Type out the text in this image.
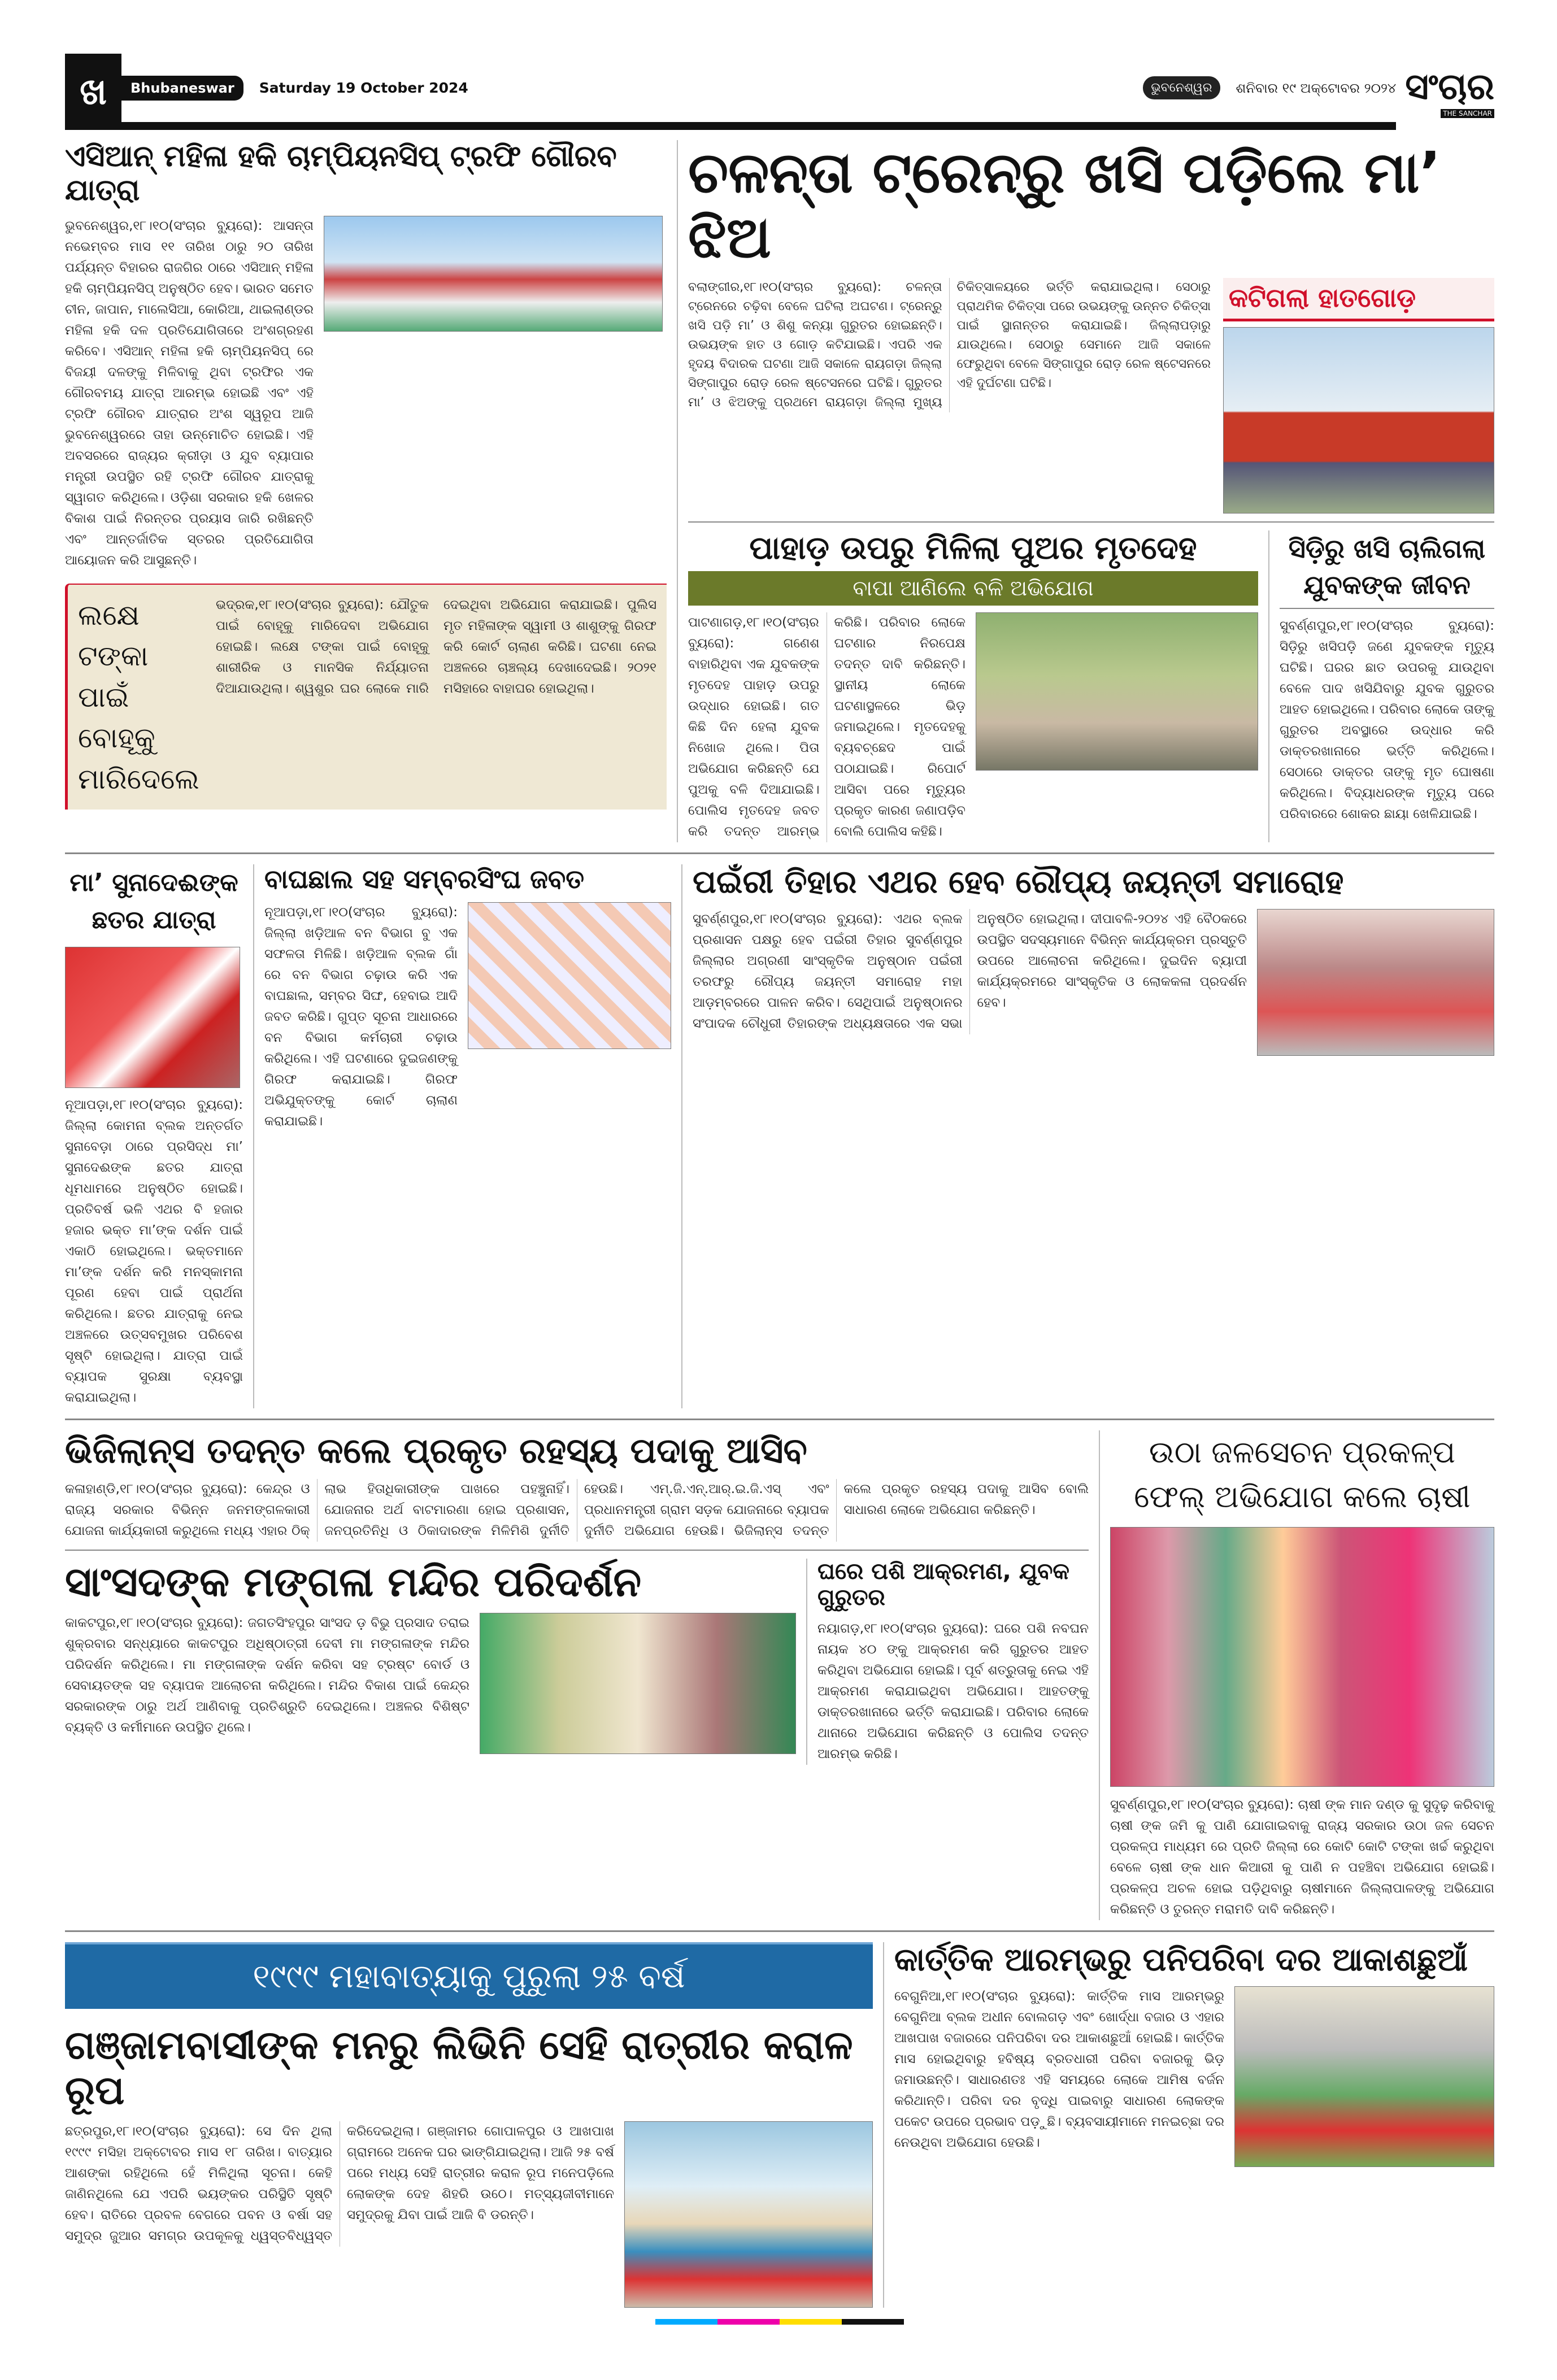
ଖ	Bhubaneswar	Saturday 19 October 2024	ଭୁବନେଶ୍ୱର	ଶନିବାର ୧୯ ଅକ୍ଟୋବର ୨୦୨୪ ସଂଚାର
THE SANCHAR
ଏସିଆନ୍ ମହିଳା ହକି ଚାମ୍ପିୟନସିପ୍ ଟ୍ରଫି ଗୌରବ ଯାତ୍ରା
ଭୁବନେଶ୍ୱର,୧୮।୧୦(ସଂଚାର ବ୍ୟୁରୋ): ଆସନ୍ତା ନଭେମ୍ବର ମାସ ୧୧ ତାରିଖ ଠାରୁ ୨୦ ତାରିଖ ପର୍ଯ୍ୟନ୍ତ ବିହାରର ରାଜଗିର ଠାରେ ଏସିଆନ୍ ମହିଳା ହକି ଚାମ୍ପିୟନସିପ୍ ଅନୁଷ୍ଠିତ ହେବ। ଭାରତ ସମେତ ଚୀନ, ଜାପାନ, ମାଲେସିଆ, କୋରିଆ, ଥାଇଲାଣ୍ଡର ମହିଳା ହକି ଦଳ ପ୍ରତିଯୋଗିତାରେ ଅଂଶଗ୍ରହଣ କରିବେ। ଏସିଆନ୍ ମହିଳା ହକି ଚାମ୍ପିୟନସିପ୍ ରେ ବିଜୟୀ ଦଳଙ୍କୁ ମିଳିବାକୁ ଥିବା ଟ୍ରଫିର ଏକ ଗୌରବମୟ ଯାତ୍ରା ଆରମ୍ଭ ହୋଇଛି ଏବଂ ଏହି ଟ୍ରଫି ଗୌରବ ଯାତ୍ରାର ଅଂଶ ସ୍ୱରୂପ ଆଜି ଭୁବନେଶ୍ୱରରେ ତାହା ଉନ୍ମୋଚିତ ହୋଇଛି। ଏହି ଅବସରରେ ରାଜ୍ୟର କ୍ରୀଡ଼ା ଓ ଯୁବ ବ୍ୟାପାର ମନ୍ତ୍ରୀ ଉପସ୍ଥିତ ରହି ଟ୍ରଫି ଗୌରବ ଯାତ୍ରାକୁ ସ୍ୱାଗତ କରିଥିଲେ। ଓଡ଼ିଶା ସରକାର ହକି ଖେଳର ବିକାଶ ପାଇଁ ନିରନ୍ତର ପ୍ରୟାସ ଜାରି ରଖିଛନ୍ତି ଏବଂ ଆନ୍ତର୍ଜାତିକ ସ୍ତରର ପ୍ରତିଯୋଗିତା ଆୟୋଜନ କରି ଆସୁଛନ୍ତି।
ଲକ୍ଷେ ଟଙ୍କା ପାଇଁ ବୋହୂକୁ ମାରିଦେଲେ
ଭଦ୍ରକ,୧୮।୧୦(ସଂଚାର ବ୍ୟୁରୋ): ଯୌତୁକ ପାଇଁ ବୋହୂକୁ ମାରିଦେବା ଅଭିଯୋଗ ହୋଇଛି। ଲକ୍ଷେ ଟଙ୍କା ପାଇଁ ବୋହୂକୁ ଶାରୀରିକ ଓ ମାନସିକ ନିର୍ଯ୍ୟାତନା ଦିଆଯାଉଥିଲା। ଶ୍ୱଶୁର ଘର ଲୋକେ ମାରି ଦେଇଥିବା ଅଭିଯୋଗ କରାଯାଇଛି। ପୁଲିସ ମୃତ ମହିଳାଙ୍କ ସ୍ୱାମୀ ଓ ଶାଶୁଙ୍କୁ ଗିରଫ କରି କୋର୍ଟ ଚାଲାଣ କରିଛି। ଘଟଣା ନେଇ ଅଞ୍ଚଳରେ ଚାଞ୍ଚଲ୍ୟ ଦେଖାଦେଇଛି। ୨୦୨୧ ମସିହାରେ ବାହାଘର ହୋଇଥିଲା।
ଚଳନ୍ତା ଟ୍ରେନ୍‌ରୁ ଖସି ପଡ଼ିଲେ ମା’ ଝିଅ
ବଲାଙ୍ଗୀର,୧୮।୧୦(ସଂଚାର ବ୍ୟୁରୋ): ଚଳନ୍ତା ଟ୍ରେନରେ ଚଢ଼ିବା ବେଳେ ଘଟିଲା ଅଘଟଣ। ଟ୍ରେନ୍‌ରୁ ଖସି ପଡ଼ି ମା’ ଓ ଶିଶୁ କନ୍ୟା ଗୁରୁତର ହୋଇଛନ୍ତି। ଉଭୟଙ୍କ ହାତ ଓ ଗୋଡ଼ କଟିଯାଇଛି। ଏପରି ଏକ ହୃଦୟ ବିଦାରକ ଘଟଣା ଆଜି ସକାଳେ ରାୟଗଡ଼ା ଜିଲ୍ଲା ସିଙ୍ଗାପୁର ରୋଡ଼ ରେଳ ଷ୍ଟେସନରେ ଘଟିଛି। ଗୁରୁତର ମା’ ଓ ଝିଅଙ୍କୁ ପ୍ରଥମେ ରାୟଗଡ଼ା ଜିଲ୍ଲା ମୁଖ୍ୟ ଚିକିତ୍ସାଳୟରେ ଭର୍ତ୍ତି କରାଯାଇଥିଲା। ସେଠାରୁ ପ୍ରାଥମିକ ଚିକିତ୍ସା ପରେ ଉଭୟଙ୍କୁ ଉନ୍ନତ ଚିକିତ୍ସା ପାଇଁ ସ୍ଥାନାନ୍ତର କରାଯାଇଛି। ଜିଲ୍ଲାପଡ଼ାରୁ ଯାଉଥିଲେ। ସେଠାରୁ ସେମାନେ ଆଜି ସକାଳେ ଫେରୁଥିବା ବେଳେ ସିଙ୍ଗାପୁର ରୋଡ଼ ରେଳ ଷ୍ଟେସନରେ ଏହି ଦୁର୍ଘଟଣା ଘଟିଛି।
କଟିଗଲା ହାତଗୋଡ଼
ପାହାଡ଼ ଉପରୁ ମିଳିଲା ପୁଅର ମୃତଦେହ
ବାପା ଆଣିଲେ ବଳି ଅଭିଯୋଗ
ପାଟଣାଗଡ଼,୧୮।୧୦(ସଂଚାର ବ୍ୟୁରୋ): ଗଣେଶ ବାହାରିଥିବା ଏକ ଯୁବକଙ୍କ ମୃତଦେହ ପାହାଡ଼ ଉପରୁ ଉଦ୍ଧାର ହୋଇଛି। ଗତ କିଛି ଦିନ ହେଲା ଯୁବକ ନିଖୋଜ ଥିଲେ। ପିତା ଅଭିଯୋଗ କରିଛନ୍ତି ଯେ ପୁଅକୁ ବଳି ଦିଆଯାଇଛି। ପୋଲିସ ମୃତଦେହ ଜବତ କରି ତଦନ୍ତ ଆରମ୍ଭ କରିଛି। ପରିବାର ଲୋକେ ଘଟଣାର ନିରପେକ୍ଷ ତଦନ୍ତ ଦାବି କରିଛନ୍ତି। ସ୍ଥାନୀୟ ଲୋକେ ଘଟଣାସ୍ଥଳରେ ଭିଡ଼ ଜମାଇଥିଲେ। ମୃତଦେହକୁ ବ୍ୟବଚ୍ଛେଦ ପାଇଁ ପଠାଯାଇଛି। ରିପୋର୍ଟ ଆସିବା ପରେ ମୃତ୍ୟୁର ପ୍ରକୃତ କାରଣ ଜଣାପଡ଼ିବ ବୋଲି ପୋଲିସ କହିଛି।
ସିଡ଼ିରୁ ଖସି ଚାଲିଗଲା ଯୁବକଙ୍କ ଜୀବନ
ସୁବର୍ଣ୍ଣପୁର,୧୮।୧୦(ସଂଚାର ବ୍ୟୁରୋ): ସିଡ଼ିରୁ ଖସିପଡ଼ି ଜଣେ ଯୁବକଙ୍କ ମୃତ୍ୟୁ ଘଟିଛି। ଘରର ଛାତ ଉପରକୁ ଯାଉଥିବା ବେଳେ ପାଦ ଖସିଯିବାରୁ ଯୁବକ ଗୁରୁତର ଆହତ ହୋଇଥିଲେ। ପରିବାର ଲୋକେ ତାଙ୍କୁ ଗୁରୁତର ଅବସ୍ଥାରେ ଉଦ୍ଧାର କରି ଡାକ୍ତରଖାନାରେ ଭର୍ତ୍ତି କରିଥିଲେ। ସେଠାରେ ଡାକ୍ତର ତାଙ୍କୁ ମୃତ ଘୋଷଣା କରିଥିଲେ। ବିଦ୍ୟାଧରଙ୍କ ମୃତ୍ୟୁ ପରେ ପରିବାରରେ ଶୋକର ଛାୟା ଖେଳିଯାଇଛି।
ମା’ ସୁନାଦେଈଙ୍କ ଛତର ଯାତ୍ରା
ନୂଆପଡ଼ା,୧୮।୧୦(ସଂଚାର ବ୍ୟୁରୋ): ଜିଲ୍ଲା କୋମନା ବ୍ଲକ ଅନ୍ତର୍ଗତ ସୁନାବେଡ଼ା ଠାରେ ପ୍ରସିଦ୍ଧ ମା’ ସୁନାଦେଈଙ୍କ ଛତର ଯାତ୍ରା ଧୂମଧାମରେ ଅନୁଷ୍ଠିତ ହୋଇଛି। ପ୍ରତିବର୍ଷ ଭଳି ଏଥର ବି ହଜାର ହଜାର ଭକ୍ତ ମା’ଙ୍କ ଦର୍ଶନ ପାଇଁ ଏକାଠି ହୋଇଥିଲେ। ଭକ୍ତମାନେ ମା’ଙ୍କ ଦର୍ଶନ କରି ମନସ୍କାମନା ପୂରଣ ହେବା ପାଇଁ ପ୍ରାର୍ଥନା କରିଥିଲେ। ଛତର ଯାତ୍ରାକୁ ନେଇ ଅଞ୍ଚଳରେ ଉତ୍ସବମୁଖର ପରିବେଶ ସୃଷ୍ଟି ହୋଇଥିଲା। ଯାତ୍ରା ପାଇଁ ବ୍ୟାପକ ସୁରକ୍ଷା ବ୍ୟବସ୍ଥା କରାଯାଇଥିଲା।
ବାଘଛାଲ ସହ ସମ୍ବରସିଂଘ ଜବତ
ନୂଆପଡ଼ା,୧୮।୧୦(ସଂଚାର ବ୍ୟୁରୋ): ଜିଲ୍ଲା ଖଡ଼ିଆଳ ବନ ବିଭାଗ ବୁ ଏକ ସଫଳତା ମିଳିଛି। ଖଡ଼ିଆଳ ବ୍ଲକ ଗାଁ ରେ ବନ ବିଭାଗ ଚଢ଼ାଉ କରି ଏକ ବାଘଛାଲ, ସମ୍ବର ସିଙ୍ଘ, ହେବାଇ ଆଦି ଜବତ କରିଛି। ଗୁପ୍ତ ସୂଚନା ଆଧାରରେ ବନ ବିଭାଗ କର୍ମଚାରୀ ଚଢ଼ାଉ କରିଥିଲେ। ଏହି ଘଟଣାରେ ଦୁଇଜଣଙ୍କୁ ଗିରଫ କରାଯାଇଛି। ଗିରଫ ଅଭିଯୁକ୍ତଙ୍କୁ କୋର୍ଟ ଚାଲାଣ କରାଯାଇଛି।
ପଇଁରୀ ତିହାର ଏଥର ହେବ ରୌପ୍ୟ ଜୟନ୍ତୀ ସମାରୋହ
ସୁବର୍ଣ୍ଣପୁର,୧୮।୧୦(ସଂଚାର ବ୍ୟୁରୋ): ଏଥର ବ୍ଲକ ପ୍ରଶାସନ ପକ୍ଷରୁ ହେବ ପଇଁରୀ ତିହାର ସୁବର୍ଣ୍ଣପୁର ଜିଲ୍ଲାର ଅଗ୍ରଣୀ ସାଂସ୍କୃତିକ ଅନୁଷ୍ଠାନ ପଇଁରୀ ତରଫରୁ ରୌପ୍ୟ ଜୟନ୍ତୀ ସମାରୋହ ମହା ଆଡ଼ମ୍ବରରେ ପାଳନ କରିବ। ସେଥିପାଇଁ ଅନୁଷ୍ଠାନର ସଂପାଦକ ଚୌଧୁରୀ ତିହାରଙ୍କ ଅଧ୍ୟକ୍ଷତାରେ ଏକ ସଭା ଅନୁଷ୍ଠିତ ହୋଇଥିଲା। ଦୀପାବଳି-୨୦୨୪ ଏହି ବୈଠକରେ ଉପସ୍ଥିତ ସଦସ୍ୟମାନେ ବିଭିନ୍ନ କାର୍ଯ୍ୟକ୍ରମ ପ୍ରସ୍ତୁତି ଉପରେ ଆଲୋଚନା କରିଥିଲେ। ଦୁଇଦିନ ବ୍ୟାପୀ କାର୍ଯ୍ୟକ୍ରମରେ ସାଂସ୍କୃତିକ ଓ ଲୋକକଳା ପ୍ରଦର୍ଶନ ହେବ।
ଭିଜିଲାନ୍ସ ତଦନ୍ତ କଲେ ପ୍ରକୃତ ରହସ୍ୟ ପଦାକୁ ଆସିବ
କଳାହାଣ୍ଡି,୧୮।୧୦(ସଂଚାର ବ୍ୟୁରୋ): କେନ୍ଦ୍ର ଓ ରାଜ୍ୟ ସରକାର ବିଭିନ୍ନ ଜନମଙ୍ଗଳକାରୀ ଯୋଜନା କାର୍ଯ୍ୟକାରୀ କରୁଥିଲେ ମଧ୍ୟ ଏହାର ଠିକ୍ ଲାଭ ହିତାଧିକାରୀଙ୍କ ପାଖରେ ପହଞ୍ଚୁନାହିଁ। ଯୋଜନାର ଅର୍ଥ ବାଟମାରଣା ହୋଇ ପ୍ରଶାସନ, ଜନପ୍ରତିନିଧି ଓ ଠିକାଦାରଙ୍କ ମିଳିମିଶି ଦୁର୍ନୀତି ହେଉଛି। ଏମ୍.ଜି.ଏନ୍.ଆର୍.ଇ.ଜି.ଏସ୍ ଏବଂ ପ୍ରଧାନମନ୍ତ୍ରୀ ଗ୍ରାମ ସଡ଼କ ଯୋଜନାରେ ବ୍ୟାପକ ଦୁର୍ନୀତି ଅଭିଯୋଗ ହେଉଛି। ଭିଜିଲାନ୍ସ ତଦନ୍ତ କଲେ ପ୍ରକୃତ ରହସ୍ୟ ପଦାକୁ ଆସିବ ବୋଲି ସାଧାରଣ ଲୋକେ ଅଭିଯୋଗ କରିଛନ୍ତି।
ସାଂସଦଙ୍କ ମଙ୍ଗଳା ମନ୍ଦିର ପରିଦର୍ଶନ
କାକଟପୁର,୧୮।୧୦(ସଂଚାର ବ୍ୟୁରୋ): ଜଗତସିଂହପୁର ସାଂସଦ ଡ଼ ବିଭୁ ପ୍ରସାଦ ତରାଇ ଶୁକ୍ରବାର ସନ୍ଧ୍ୟାରେ କାକଟପୁର ଅଧିଷ୍ଠାତ୍ରୀ ଦେବୀ ମା ମଙ୍ଗଳାଙ୍କ ମନ୍ଦିର ପରିଦର୍ଶନ କରିଥିଲେ। ମା ମଙ୍ଗଳାଙ୍କ ଦର୍ଶନ କରିବା ସହ ଟ୍ରଷ୍ଟ ବୋର୍ଡ ଓ ସେବାୟତଙ୍କ ସହ ବ୍ୟାପକ ଆଲୋଚନା କରିଥିଲେ। ମନ୍ଦିର ବିକାଶ ପାଇଁ କେନ୍ଦ୍ର ସରକାରଙ୍କ ଠାରୁ ଅର୍ଥ ଆଣିବାକୁ ପ୍ରତିଶ୍ରୁତି ଦେଇଥିଲେ। ଅଞ୍ଚଳର ବିଶିଷ୍ଟ ବ୍ୟକ୍ତି ଓ କର୍ମୀମାନେ ଉପସ୍ଥିତ ଥିଲେ।
ଘରେ ପଶି ଆକ୍ରମଣ, ଯୁବକ ଗୁରୁତର
ନୟାଗଡ଼,୧୮।୧୦(ସଂଚାର ବ୍ୟୁରୋ): ଘରେ ପଶି ନବଘନ ନାୟକ ୪୦ ଙ୍କୁ ଆକ୍ରମଣ କରି ଗୁରୁତର ଆହତ କରିଥିବା ଅଭିଯୋଗ ହୋଇଛି। ପୂର୍ବ ଶତ୍ରୁତାକୁ ନେଇ ଏହି ଆକ୍ରମଣ କରାଯାଇଥିବା ଅଭିଯୋଗ। ଆହତଙ୍କୁ ଡାକ୍ତରଖାନାରେ ଭର୍ତ୍ତି କରାଯାଇଛି। ପରିବାର ଲୋକେ ଥାନାରେ ଅଭିଯୋଗ କରିଛନ୍ତି ଓ ପୋଲିସ ତଦନ୍ତ ଆରମ୍ଭ କରିଛି।
ଉଠା ଜଳସେଚନ ପ୍ରକଳ୍ପ ଫେଲ୍ ଅଭିଯୋଗ କଲେ ଚାଷୀ
ସୁବର୍ଣ୍ଣପୁର,୧୮।୧୦(ସଂଚାର ବ୍ୟୁରୋ): ଚାଷୀ ଙ୍କ ମାନ ଦଣ୍ଡ କୁ ସୁଦୃଢ଼ କରିବାକୁ ଚାଷୀ ଙ୍କ ଜମି କୁ ପାଣି ଯୋଗାଇବାକୁ ରାଜ୍ୟ ସରକାର ଉଠା ଜଳ ସେଚନ ପ୍ରକଳ୍ପ ମାଧ୍ୟମ ରେ ପ୍ରତି ଜିଲ୍ଲା ରେ କୋଟି କୋଟି ଟଙ୍କା ଖର୍ଚ୍ଚ କରୁଥିବା ବେଳେ ଚାଷୀ ଙ୍କ ଧାନ କିଆରୀ କୁ ପାଣି ନ ପହଞ୍ଚିବା ଅଭିଯୋଗ ହୋଇଛି। ପ୍ରକଳ୍ପ ଅଚଳ ହୋଇ ପଡ଼ିଥିବାରୁ ଚାଷୀମାନେ ଜିଲ୍ଲାପାଳଙ୍କୁ ଅଭିଯୋଗ କରିଛନ୍ତି ଓ ତୁରନ୍ତ ମରାମତି ଦାବି କରିଛନ୍ତି।
୧୯୯୯ ମହାବାତ୍ୟାକୁ ପୁରୁଲା ୨୫ ବର୍ଷ
ଗଞ୍ଜାମବାସୀଙ୍କ ମନରୁ ଲିଭିନି ସେହି ରାତ୍ରୀର କରାଳ ରୂପ
ଛତ୍ରପୁର,୧୮।୧୦(ସଂଚାର ବ୍ୟୁରୋ): ସେ ଦିନ ଥିଲା ୧୯୯୯ ମସିହା ଅକ୍ଟୋବର ମାସ ୧୮ ତାରିଖ। ବାତ୍ୟାର ଆଶଙ୍କା ରହିଥିଲେ ହେଁ ମିଳିଥିଲା ସୂଚନା। କେହି ଜାଣିନଥିଲେ ଯେ ଏପରି ଭୟଙ୍କର ପରିସ୍ଥିତି ସୃଷ୍ଟି ହେବ। ରାତିରେ ପ୍ରବଳ ବେଗରେ ପବନ ଓ ବର୍ଷା ସହ ସମୁଦ୍ର ଜୁଆର ସମଗ୍ର ଉପକୂଳକୁ ଧ୍ୱସ୍ତବିଧ୍ୱସ୍ତ କରିଦେଇଥିଲା। ଗଞ୍ଜାମର ଗୋପାଳପୁର ଓ ଆଖପାଖ ଗ୍ରାମରେ ଅନେକ ଘର ଭାଙ୍ଗିଯାଇଥିଲା। ଆଜି ୨୫ ବର୍ଷ ପରେ ମଧ୍ୟ ସେହି ରାତ୍ରୀର କରାଳ ରୂପ ମନେପଡ଼ିଲେ ଲୋକଙ୍କ ଦେହ ଶିହରି ଉଠେ। ମତ୍ସ୍ୟଜୀବୀମାନେ ସମୁଦ୍ରକୁ ଯିବା ପାଇଁ ଆଜି ବି ଡରନ୍ତି।
କାର୍ତ୍ତିକ ଆରମ୍ଭରୁ ପନିପରିବା ଦର ଆକାଶଛୁଆଁ
ବେଗୁନିଆ,୧୮।୧୦(ସଂଚାର ବ୍ୟୁରୋ): କାର୍ତ୍ତିକ ମାସ ଆରମ୍ଭରୁ ବେଗୁନିଆ ବ୍ଲକ ଅଧୀନ ବୋଲଗଡ଼ ଏବଂ ଖୋର୍ଦ୍ଧା ବଜାର ଓ ଏହାର ଆଖପାଖ ବଜାରରେ ପନିପରିବା ଦର ଆକାଶଛୁଆଁ ହୋଇଛି। କାର୍ତ୍ତିକ ମାସ ହୋଇଥିବାରୁ ହବିଷ୍ୟ ବ୍ରତଧାରୀ ପରିବା ବଜାରକୁ ଭିଡ଼ ଜମାଉଛନ୍ତି। ସାଧାରଣତଃ ଏହି ସମୟରେ ଲୋକେ ଆମିଷ ବର୍ଜନ କରିଥାନ୍ତି। ପରିବା ଦର ବୃଦ୍ଧି ପାଇବାରୁ ସାଧାରଣ ଲୋକଙ୍କ ପକେଟ ଉପରେ ପ୍ରଭାବ ପଡ଼ୁଛି। ବ୍ୟବସାୟୀମାନେ ମନଇଚ୍ଛା ଦର ନେଉଥିବା ଅଭିଯୋଗ ହେଉଛି।
